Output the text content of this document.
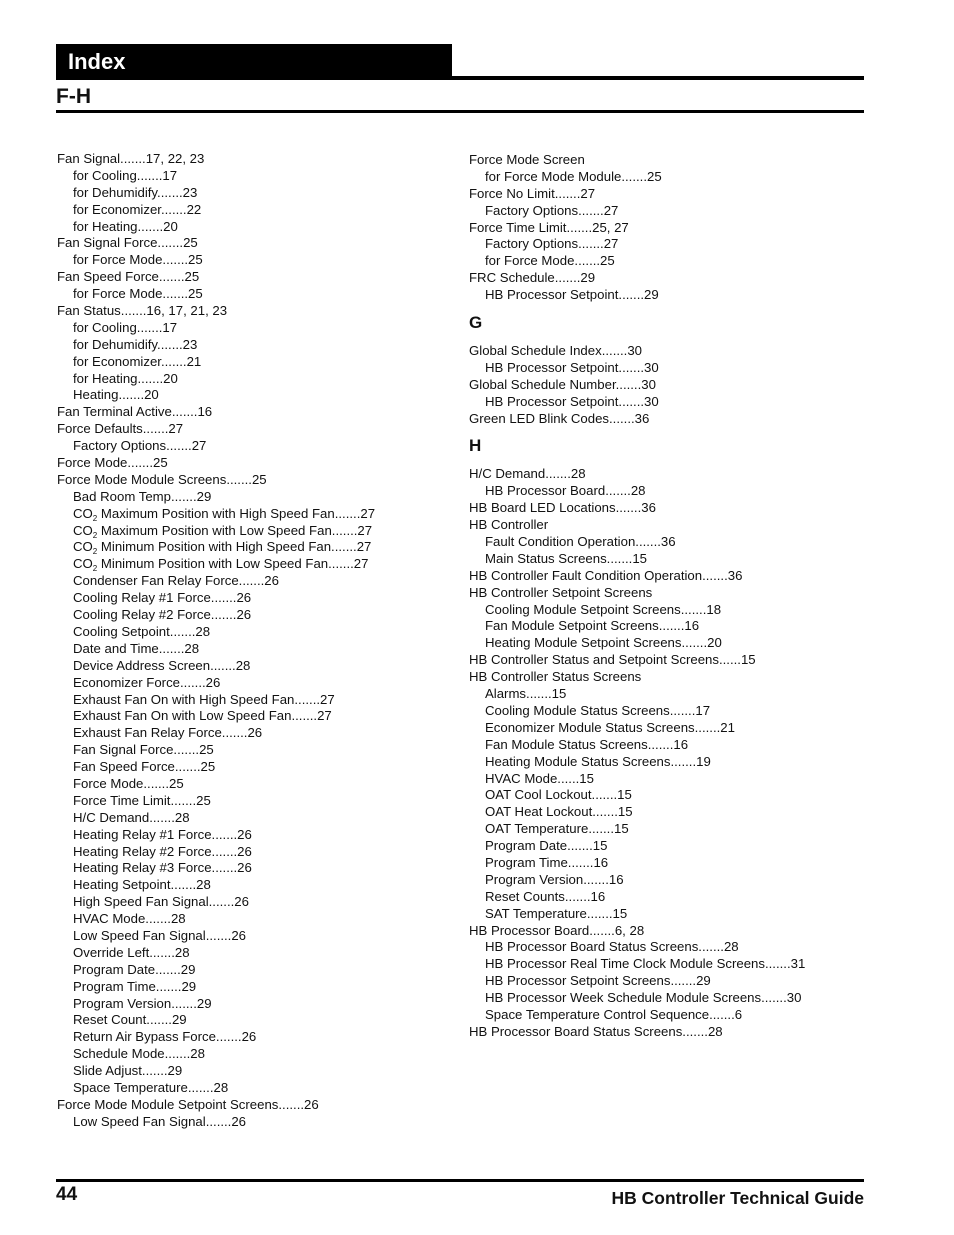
Index
F-H
Fan Signal.......17, 22, 23
for Cooling.......17
for Dehumidify.......23
for Economizer.......22
for Heating.......20
Fan Signal Force.......25
for Force Mode.......25
Fan Speed Force.......25
for Force Mode.......25
Fan Status.......16, 17, 21, 23
for Cooling.......17
for Dehumidify.......23
for Economizer.......21
for Heating.......20
Heating.......20
Fan Terminal Active.......16
Force Defaults.......27
Factory Options.......27
Force Mode.......25
Force Mode Module Screens.......25
Bad Room Temp.......29
$CO_2$ Maximum Position with High Speed Fan.......27
$CO_2$ Maximum Position with Low Speed Fan.......27
$CO_2$ Minimum Position with High Speed Fan.......27
$CO_2$ Minimum Position with Low Speed Fan.......27
Condenser Fan Relay Force.......26
Cooling Relay #1 Force.......26
Cooling Relay #2 Force.......26
Cooling Setpoint.......28
Date and Time.......28
Device Address Screen.......28
Economizer Force.......26
Exhaust Fan On with High Speed Fan.......27
Exhaust Fan On with Low Speed Fan.......27
Exhaust Fan Relay Force.......26
Fan Signal Force.......25
Fan Speed Force.......25
Force Mode.......25
Force Time Limit.......25
H/C Demand.......28
Heating Relay #1 Force.......26
Heating Relay #2 Force.......26
Heating Relay #3 Force.......26
Heating Setpoint.......28
High Speed Fan Signal.......26
HVAC Mode.......28
Low Speed Fan Signal.......26
Override Left.......28
Program Date.......29
Program Time.......29
Program Version.......29
Reset Count.......29
Return Air Bypass Force.......26
Schedule Mode.......28
Slide Adjust.......29
Space Temperature.......28
Force Mode Module Setpoint Screens.......26
Low Speed Fan Signal.......26
Force Mode Screen
for Force Mode Module.......25
Force No Limit.......27
Factory Options.......27
Force Time Limit.......25, 27
Factory Options.......27
for Force Mode.......25
FRC Schedule.......29
HB Processor Setpoint.......29
G
Global Schedule Index.......30
HB Processor Setpoint.......30
Global Schedule Number.......30
HB Processor Setpoint.......30
Green LED Blink Codes.......36
H
H/C Demand.......28
HB Processor Board.......28
HB Board LED Locations.......36
HB Controller
Fault Condition Operation.......36
Main Status Screens.......15
HB Controller Fault Condition Operation.......36
HB Controller Setpoint Screens
Cooling Module Setpoint Screens.......18
Fan Module Setpoint Screens.......16
Heating Module Setpoint Screens.......20
HB Controller Status and Setpoint Screens......15
HB Controller Status Screens
Alarms.......15
Cooling Module Status Screens.......17
Economizer Module Status Screens.......21
Fan Module Status Screens.......16
Heating Module Status Screens.......19
HVAC Mode......15
OAT Cool Lockout.......15
OAT Heat Lockout.......15
OAT Temperature.......15
Program Date.......15
Program Time.......16
Program Version.......16
Reset Counts.......16
SAT Temperature.......15
HB Processor Board.......6, 28
HB Processor Board Status Screens.......28
HB Processor Real Time Clock Module Screens.......31
HB Processor Setpoint Screens.......29
HB Processor Week Schedule Module Screens.......30
Space Temperature Control Sequence.......6
HB Processor Board Status Screens.......28
44	HB Controller Technical Guide
